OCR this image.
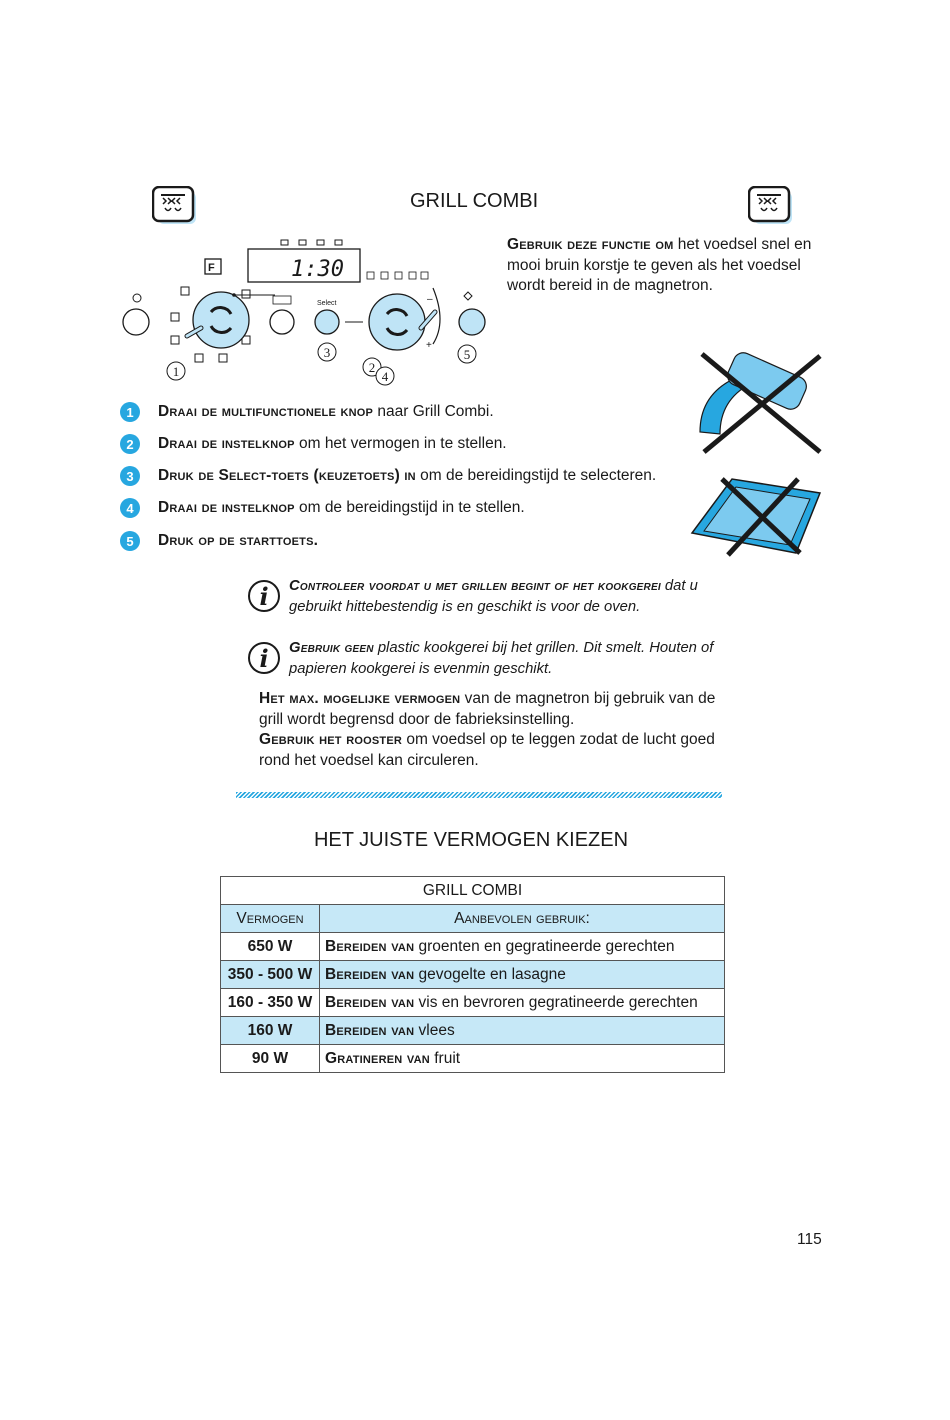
GRILL COMBI
Gebruik deze functie om het voedsel snel en mooi bruin korstje te geven als het voedsel wordt bereid in de magnetron.
1:30
F
Select	–
+
1	2
3
4
5
1	Draai de multifunctionele knop naar Grill Combi.
2	Draai de instelknop om het vermogen in te stellen.
3	Druk de Select-toets (keuzetoets) in om de bereidingstijd te selecteren.
4	Draai de instelknop om de bereidingstijd in te stellen.
5	Druk op de starttoets.
i	Controleer voordat u met grillen begint of het kookgerei dat u gebruikt hittebestendig is en geschikt is voor de oven.
i	Gebruik geen plastic kookgerei bij het grillen. Dit smelt. Houten of papieren kookgerei is evenmin geschikt.
Het max. mogelijke vermogen van de magnetron bij gebruik van de grill wordt begrensd door de fabrieksinstelling.
Gebruik het rooster om voedsel op te leggen zodat de lucht goed rond het voedsel kan circuleren.
HET JUISTE VERMOGEN KIEZEN
GRILL COMBI	
Vermogen	Aanbevolen gebruik:
650 W	Bereiden van groenten en gegratineerde gerechten
350 - 500 W	Bereiden van gevogelte en lasagne
160 - 350 W	Bereiden van vis en bevroren gegratineerde gerechten
160 W	Bereiden van vlees
90 W	Gratineren van fruit
115
